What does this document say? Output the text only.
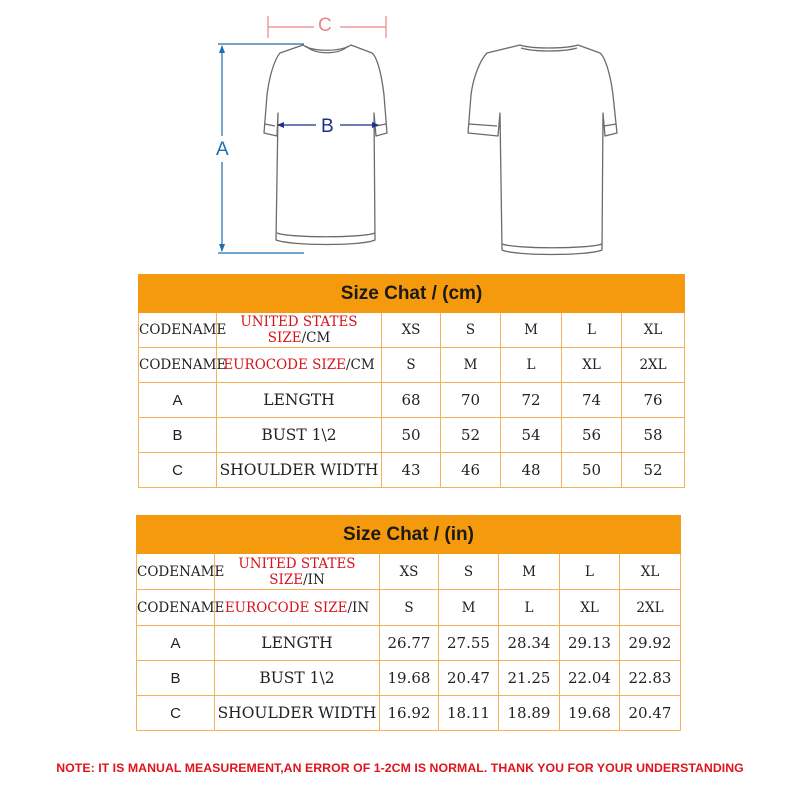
C
B
A
Size Chat / (cm)						
CODENAME	UNITED STATES SIZE/CM	XS	S	M	L	XL
CODENAME	EUROCODE SIZE/CM	S	M	L	XL	2XL
A	LENGTH	68	70	72	74	76
B	BUST 1\2	50	52	54	56	58
C	SHOULDER WIDTH	43	46	48	50	52
Size Chat / (in)						
CODENAME	UNITED STATES SIZE/IN	XS	S	M	L	XL
CODENAME	EUROCODE SIZE/IN	S	M	L	XL	2XL
A	LENGTH	26.77	27.55	28.34	29.13	29.92
B	BUST 1\2	19.68	20.47	21.25	22.04	22.83
C	SHOULDER WIDTH	16.92	18.11	18.89	19.68	20.47
NOTE: IT IS MANUAL MEASUREMENT,AN ERROR OF 1-2CM IS NORMAL. THANK YOU FOR YOUR UNDERSTANDING
